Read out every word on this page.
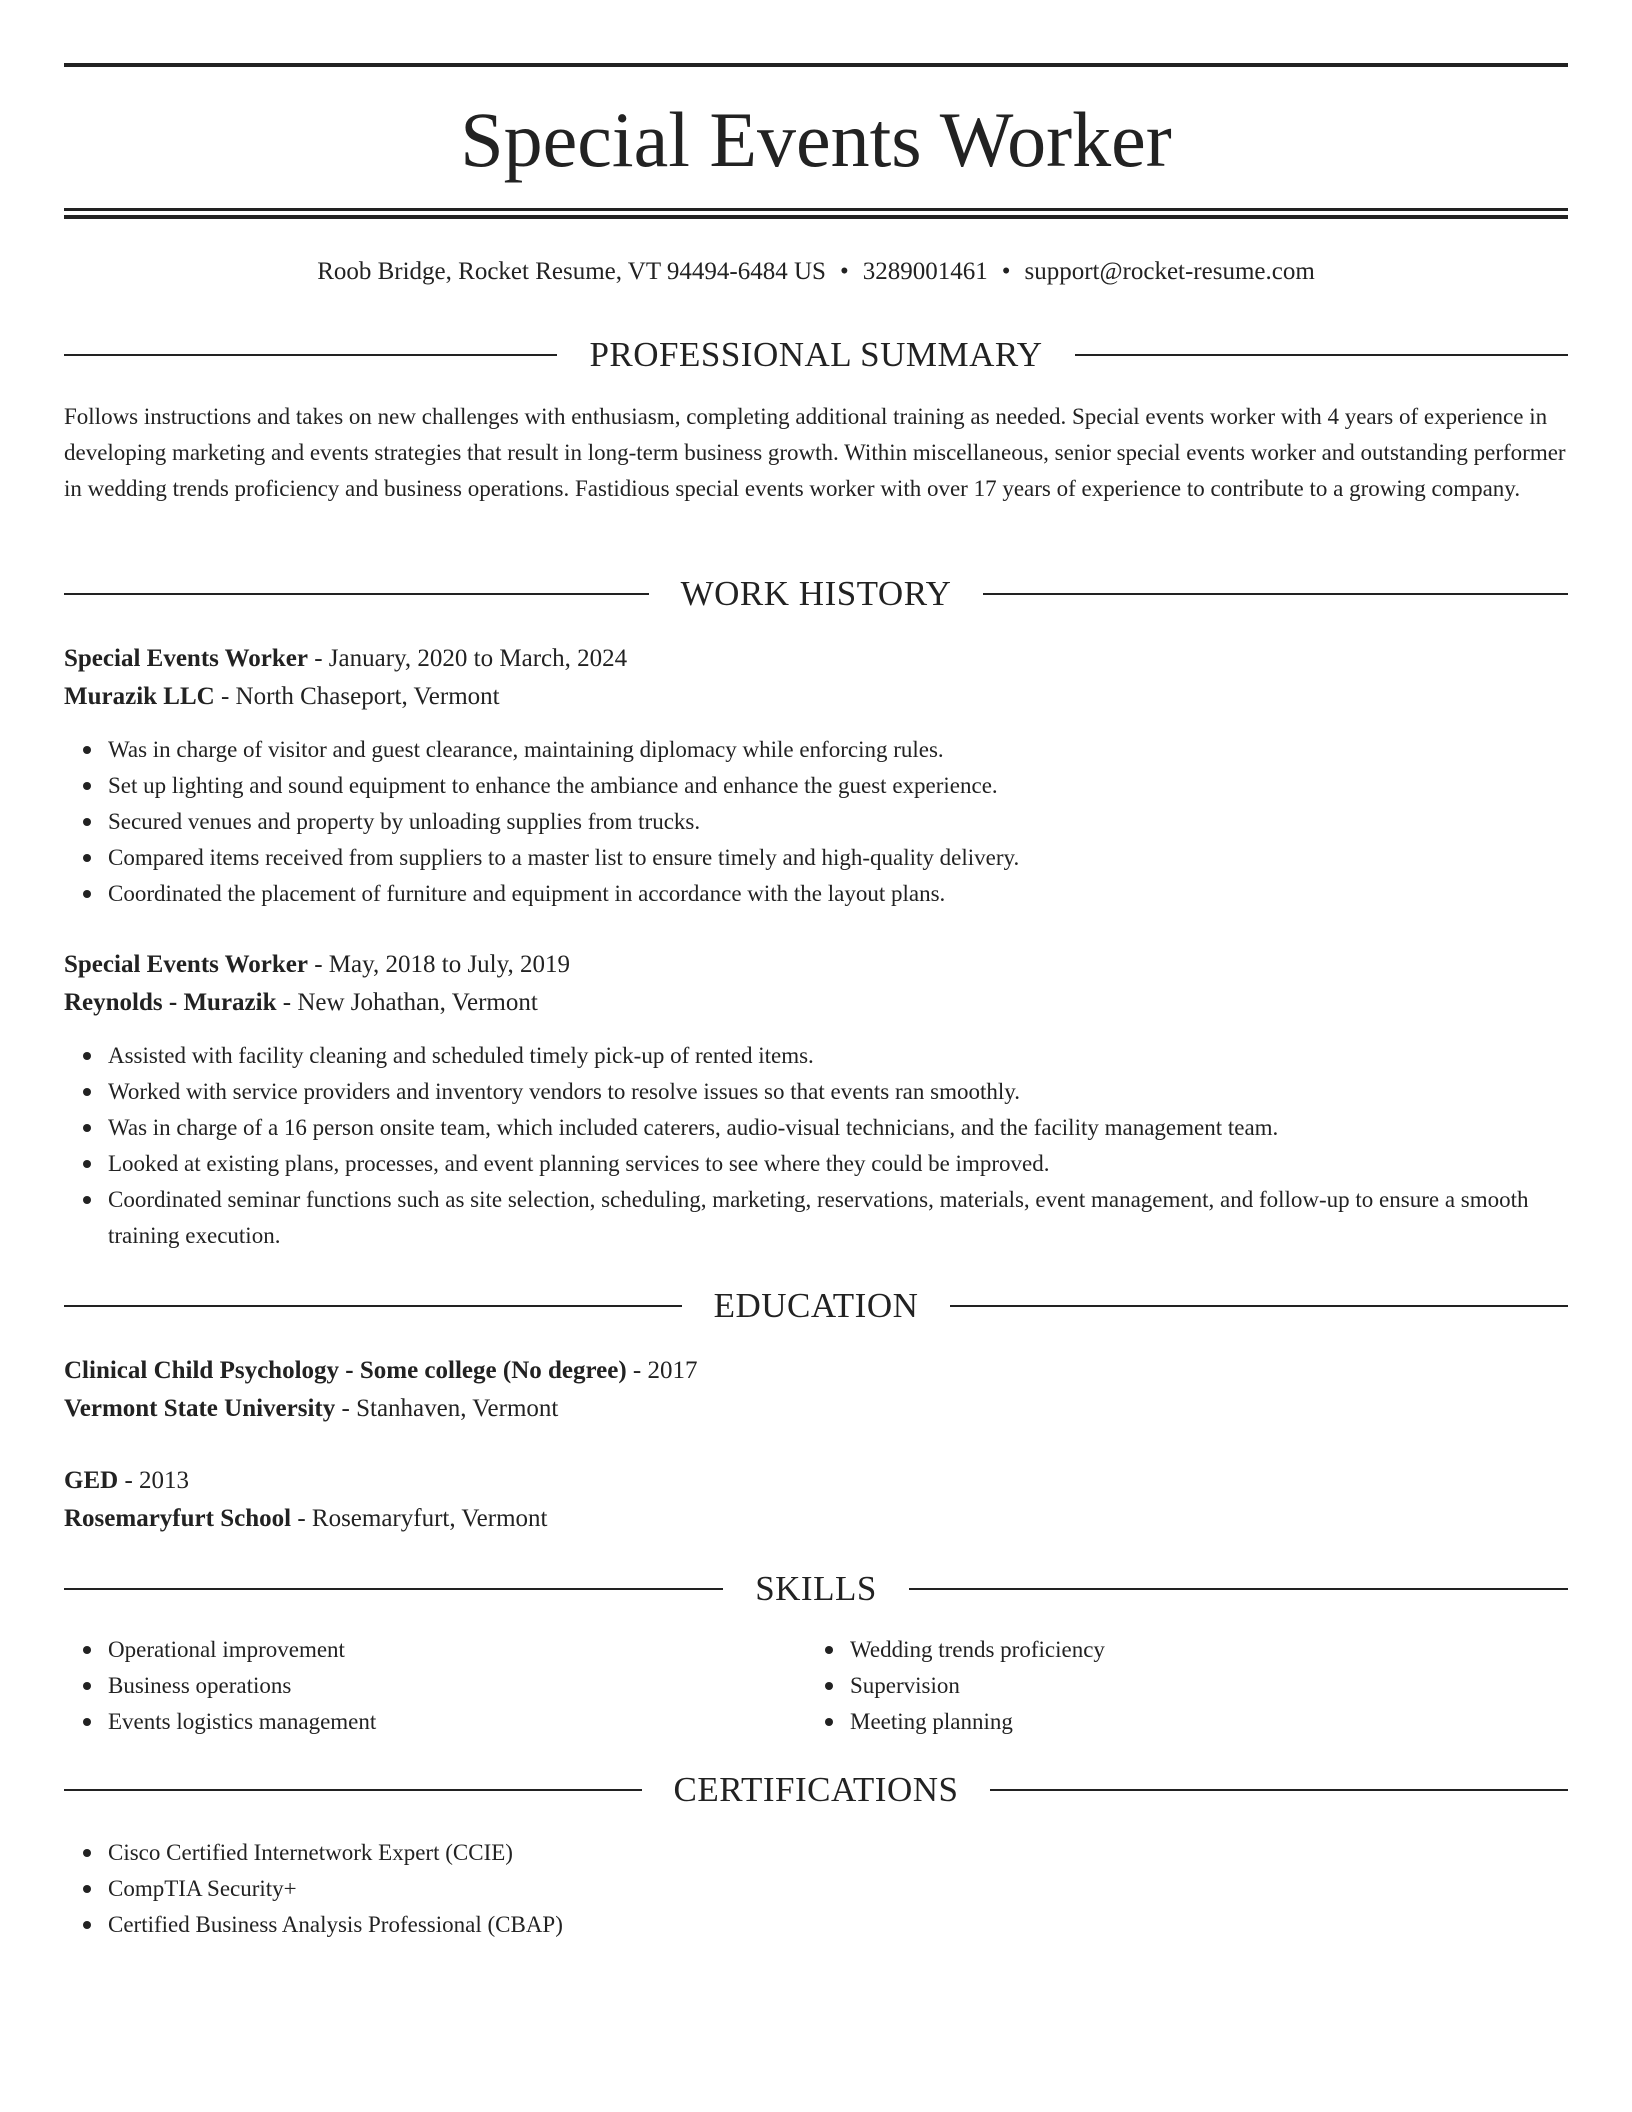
Special Events Worker
Roob Bridge, Rocket Resume, VT 94494-6484 US • 3289001461 • support@rocket-resume.com
PROFESSIONAL SUMMARY
Follows instructions and takes on new challenges with enthusiasm, completing additional training as needed. Special events worker with 4 years of experience in developing marketing and events strategies that result in long-term business growth. Within miscellaneous, senior special events worker and outstanding performer in wedding trends proficiency and business operations. Fastidious special events worker with over 17 years of experience to contribute to a growing company.
WORK HISTORY
Special Events Worker - January, 2020 to March, 2024
Murazik LLC - North Chaseport, Vermont
Was in charge of visitor and guest clearance, maintaining diplomacy while enforcing rules.
Set up lighting and sound equipment to enhance the ambiance and enhance the guest experience.
Secured venues and property by unloading supplies from trucks.
Compared items received from suppliers to a master list to ensure timely and high-quality delivery.
Coordinated the placement of furniture and equipment in accordance with the layout plans.
Special Events Worker - May, 2018 to July, 2019
Reynolds - Murazik - New Johathan, Vermont
Assisted with facility cleaning and scheduled timely pick-up of rented items.
Worked with service providers and inventory vendors to resolve issues so that events ran smoothly.
Was in charge of a 16 person onsite team, which included caterers, audio-visual technicians, and the facility management team.
Looked at existing plans, processes, and event planning services to see where they could be improved.
Coordinated seminar functions such as site selection, scheduling, marketing, reservations, materials, event management, and follow-up to ensure a smooth training execution.
EDUCATION
Clinical Child Psychology - Some college (No degree) - 2017
Vermont State University - Stanhaven, Vermont
GED - 2013
Rosemaryfurt School - Rosemaryfurt, Vermont
SKILLS
Operational improvement
Business operations
Events logistics management
Wedding trends proficiency
Supervision
Meeting planning
CERTIFICATIONS
Cisco Certified Internetwork Expert (CCIE)
CompTIA Security+
Certified Business Analysis Professional (CBAP)
